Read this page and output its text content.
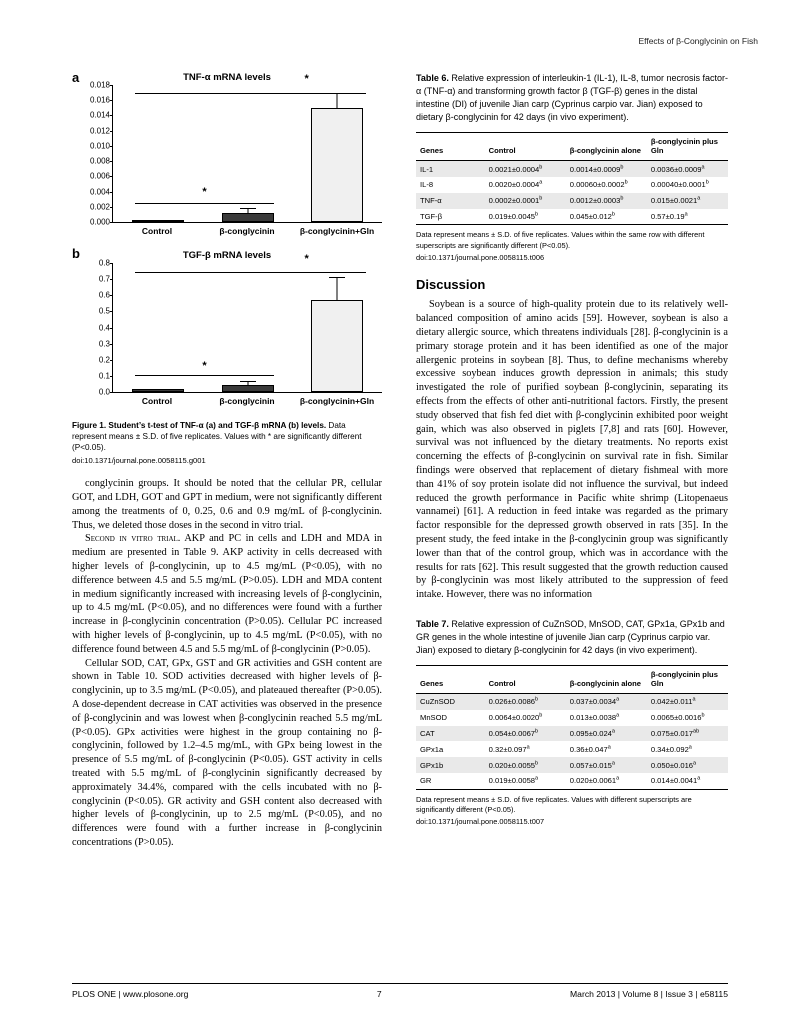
Effects of β-Conglycinin on Fish
a	TNF-α mRNA levels
0.018
0.016
0.014
0.012
0.010
0.008
0.006
0.004
0.002
0.000
*
*
Control	β-conglycinin	β-conglycinin+Gln
b	TGF-β mRNA levels
0.8
0.7
0.6
0.5
0.4
0.3
0.2
0.1
0.0
*
*
Control	β-conglycinin	β-conglycinin+Gln
Figure 1. Student’s t-test of TNF-α (a) and TGF-β mRNA (b) levels. Data represent means ± S.D. of five replicates. Values with * are significantly different (P<0.05).
doi:10.1371/journal.pone.0058115.g001

conglycinin groups. It should be noted that the cellular PR, cellular GOT, and LDH, GOT and GPT in medium, were not significantly different among the treatments of 0, 0.25, 0.6 and 0.9 mg/mL of β-conglycinin. Thus, we deleted those doses in the second in vitro trial.

Second in vitro trial. AKP and PC in cells and LDH and MDA in medium are presented in Table 9. AKP activity in cells decreased with higher levels of β-conglycinin, up to 4.5 mg/mL (P<0.05), with no difference between 4.5 and 5.5 mg/mL (P>0.05). LDH and MDA content in medium significantly increased with increasing levels of β-conglycinin, up to 4.5 mg/mL (P<0.05), and no differences were found with a further increase in β-conglycinin concentration (P>0.05). Cellular PC increased with higher levels of β-conglycinin, up to 4.5 mg/mL (P<0.05), with no difference found between 4.5 and 5.5 mg/mL of β-conglycinin (P>0.05).

Cellular SOD, CAT, GPx, GST and GR activities and GSH content are shown in Table 10. SOD activities decreased with higher levels of β-conglycinin, up to 3.5 mg/mL (P<0.05), and plateaued thereafter (P>0.05). A dose-dependent decrease in CAT activities was observed in the presence of β-conglycinin and was lowest when β-conglycinin reached 5.5 mg/mL (P<0.05). GPx activities were highest in the group containing no β-conglycinin, followed by 1.2–4.5 mg/mL, with GPx being lowest in the presence of 5.5 mg/mL of β-conglycinin (P<0.05). GST activity in cells treated with 5.5 mg/mL of β-conglycinin significantly decreased by approximately 34.4%, compared with the cells incubated with no β-conglycinin (P<0.05). GR activity and GSH content also decreased with higher levels of β-conglycinin, up to 2.5 mg/mL (P<0.05), and no differences were found with a further increase in β-conglycinin concentrations (P>0.05).

Table 6. Relative expression of interleukin-1 (IL-1), IL-8, tumor necrosis factor-α (TNF-α) and transforming growth factor β (TGF-β) genes in the distal intestine (DI) of juvenile Jian carp (Cyprinus carpio var. Jian) exposed to dietary β-conglycinin for 42 days (in vivo experiment).
Genes	Control	β-conglycinin alone	β-conglycinin plus Gln
IL-1	0.0021±0.0004$^b$	0.0014±0.0009$^b$	0.0036±0.0009$^a$
IL-8	0.0020±0.0004$^a$	0.00060±0.0002$^b$	0.00040±0.0001$^b$
TNF-α	0.0002±0.0001$^b$	0.0012±0.0003$^b$	0.015±0.0021$^a$
TGF-β	0.019±0.0045$^b$	0.045±0.012$^b$	0.57±0.19$^a$
Data represent means ± S.D. of five replicates. Values within the same row with different superscripts are significantly different (P<0.05).
doi:10.1371/journal.pone.0058115.t006
Discussion

Soybean is a source of high-quality protein due to its relatively well-balanced composition of amino acids [59]. However, soybean is also a dietary allergic source, which threatens individuals [28]. β-conglycinin is a primary storage protein and it has been identified as one of the major allergenic proteins in soybean [8]. Thus, to define mechanisms whereby excessive soybean induces growth depression in animals; this study investigated the role of purified soybean β-conglycinin, separating its effects from the effects of other anti-nutritional factors. Firstly, the present study observed that fish fed diet with β-conglycinin exhibited poor weight gain, which was also observed in piglets [7,8] and rats [60]. However, survival was not influenced by the dietary treatments. No reports exist concerning the effects of β-conglycinin on survival rate in fish. Similar findings were observed that replacement of dietary fishmeal with more than 41% of soy protein isolate did not influence the survival, but indeed reduced the growth performance in Pacific white shrimp (Litopenaeus vannamei) [61]. A reduction in feed intake was regarded as the primary factor responsible for the depressed growth observed in rats [35]. In the present study, the feed intake in the β-conglycinin group was significantly lower than that of the control group, which was in accordance with the results for rats [62]. This result suggested that the growth reduction caused by β-conglycinin was most likely attributed to the suppression of feed intake. However, there was no information

Table 7. Relative expression of CuZnSOD, MnSOD, CAT, GPx1a, GPx1b and GR genes in the whole intestine of juvenile Jian carp (Cyprinus carpio var. Jian) exposed to dietary β-conglycinin for 42 days (in vivo experiment).
Genes	Control	β-conglycinin alone	β-conglycinin plus Gln
CuZnSOD	0.026±0.0086$^b$	0.037±0.0034$^a$	0.042±0.011$^a$
MnSOD	0.0064±0.0020$^b$	0.013±0.0038$^a$	0.0065±0.0016$^b$
CAT	0.054±0.0067$^b$	0.095±0.024$^a$	0.075±0.017$^{ab}$
GPx1a	0.32±0.097$^a$	0.36±0.047$^a$	0.34±0.092$^a$
GPx1b	0.020±0.0055$^b$	0.057±0.015$^a$	0.050±0.016$^a$
GR	0.019±0.0058$^a$	0.020±0.0061$^a$	0.014±0.0041$^a$
Data represent means ± S.D. of five replicates. Values with different superscripts are significantly different (P<0.05).
doi:10.1371/journal.pone.0058115.t007
PLOS ONE | www.plosone.org	7	March 2013 | Volume 8 | Issue 3 | e58115
